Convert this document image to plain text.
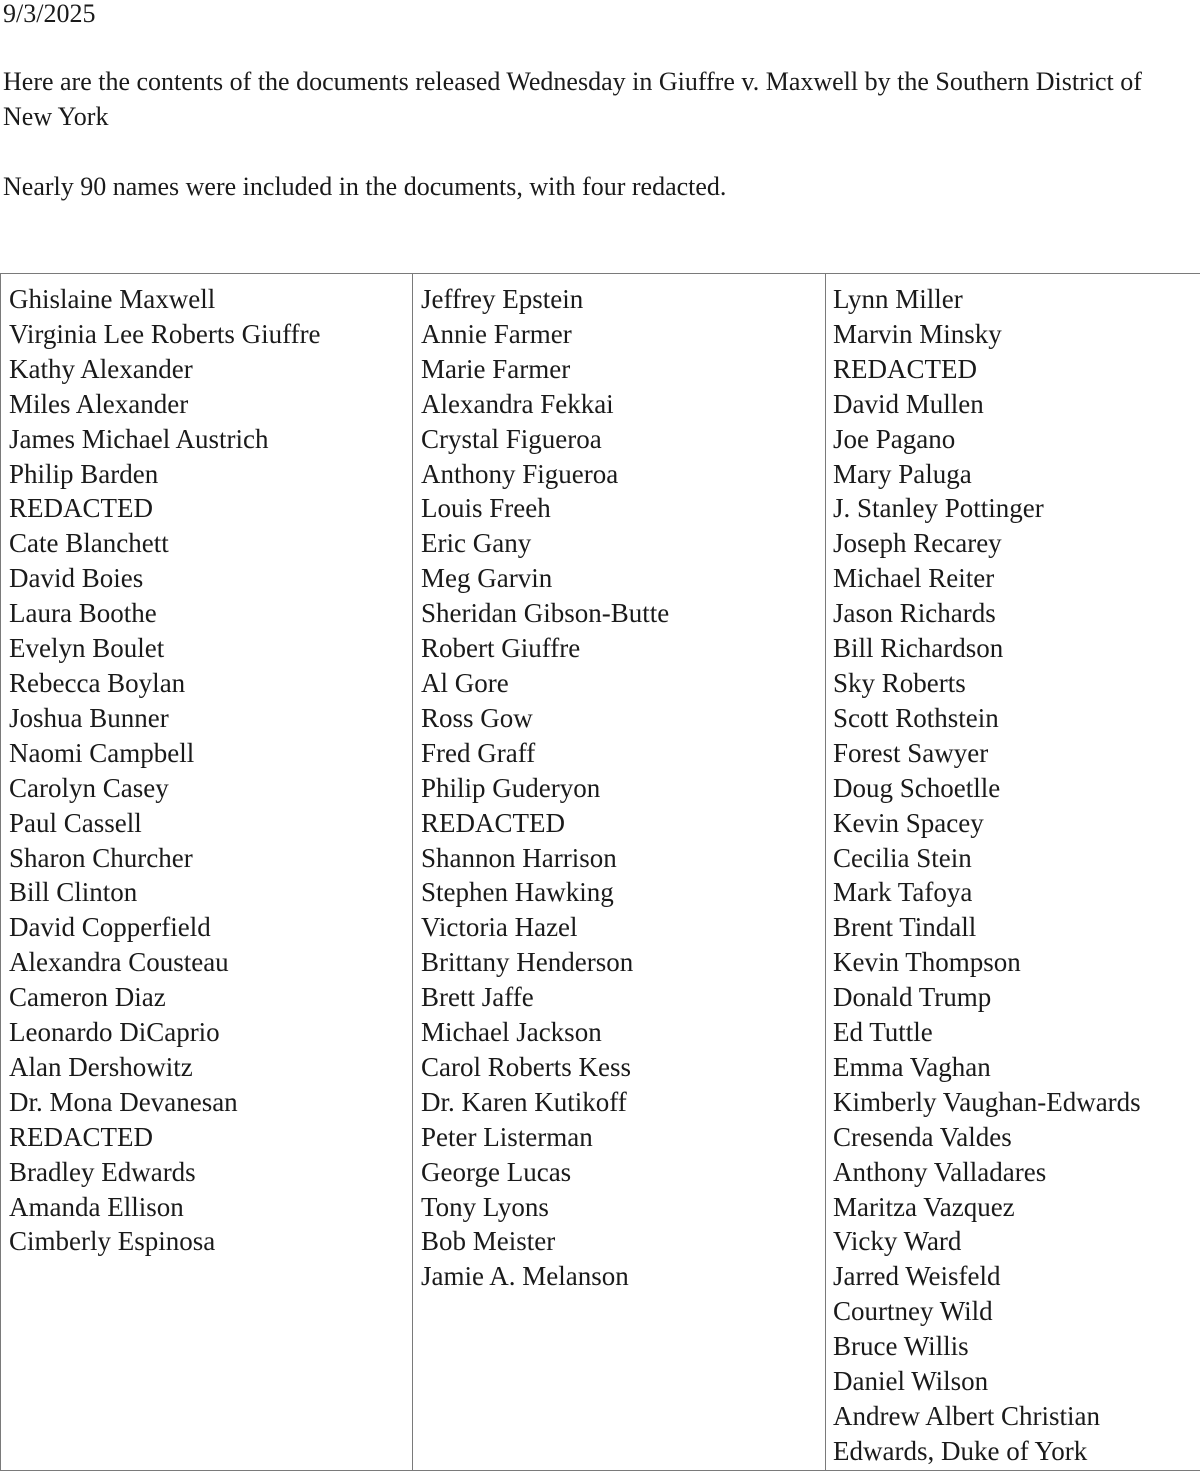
9/3/2025
Here are the contents of the documents released Wednesday in Giuffre v. Maxwell by the Southern District of New York
Nearly 90 names were included in the documents, with four redacted.
Ghislaine Maxwell
Virginia Lee Roberts Giuffre
Kathy Alexander
Miles Alexander
James Michael Austrich
Philip Barden
REDACTED
Cate Blanchett
David Boies
Laura Boothe
Evelyn Boulet
Rebecca Boylan
Joshua Bunner
Naomi Campbell
Carolyn Casey
Paul Cassell
Sharon Churcher
Bill Clinton
David Copperfield
Alexandra Cousteau
Cameron Diaz
Leonardo DiCaprio
Alan Dershowitz
Dr. Mona Devanesan
REDACTED
Bradley Edwards
Amanda Ellison
Cimberly Espinosa
Jeffrey Epstein
Annie Farmer
Marie Farmer
Alexandra Fekkai
Crystal Figueroa
Anthony Figueroa
Louis Freeh
Eric Gany
Meg Garvin
Sheridan Gibson-Butte
Robert Giuffre
Al Gore
Ross Gow
Fred Graff
Philip Guderyon
REDACTED
Shannon Harrison
Stephen Hawking
Victoria Hazel
Brittany Henderson
Brett Jaffe
Michael Jackson
Carol Roberts Kess
Dr. Karen Kutikoff
Peter Listerman
George Lucas
Tony Lyons
Bob Meister
Jamie A. Melanson
Lynn Miller
Marvin Minsky
REDACTED
David Mullen
Joe Pagano
Mary Paluga
J. Stanley Pottinger
Joseph Recarey
Michael Reiter
Jason Richards
Bill Richardson
Sky Roberts
Scott Rothstein
Forest Sawyer
Doug Schoetlle
Kevin Spacey
Cecilia Stein
Mark Tafoya
Brent Tindall
Kevin Thompson
Donald Trump
Ed Tuttle
Emma Vaghan
Kimberly Vaughan-Edwards
Cresenda Valdes
Anthony Valladares
Maritza Vazquez
Vicky Ward
Jarred Weisfeld
Courtney Wild
Bruce Willis
Daniel Wilson
Andrew Albert Christian
Edwards, Duke of York
